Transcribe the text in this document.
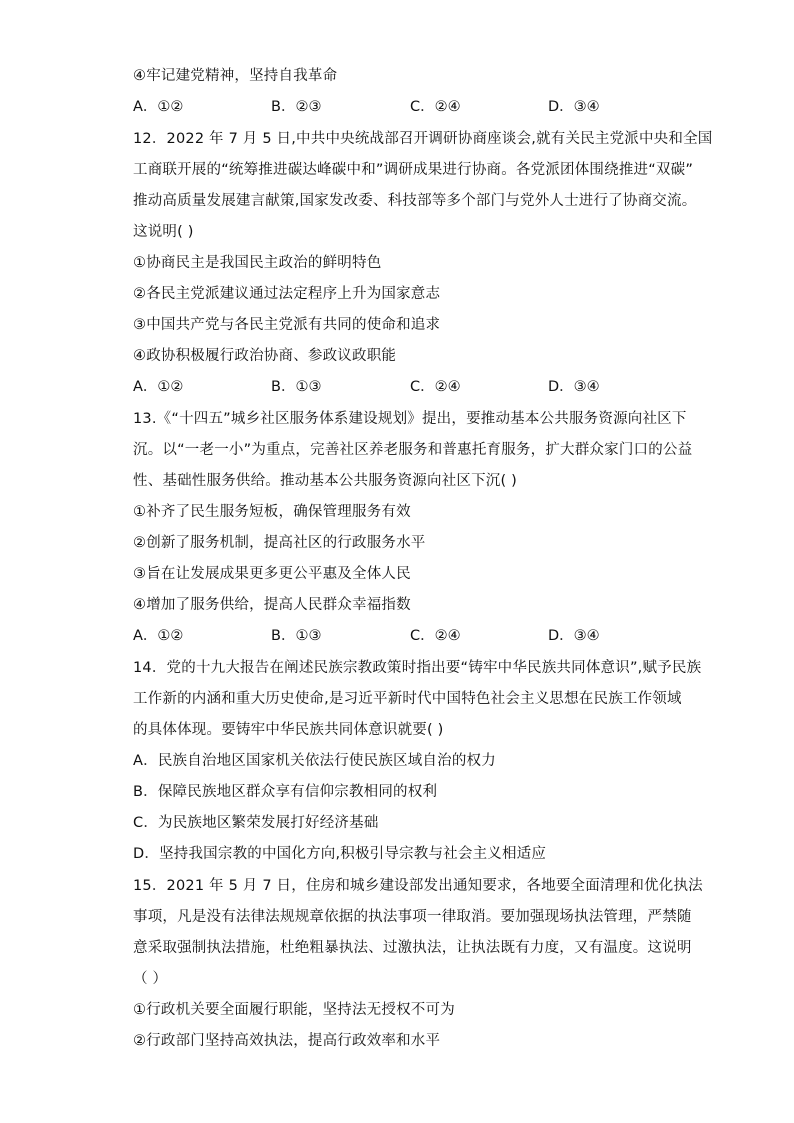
④牢记建党精神，坚持自我革命
A．①②	B．②③	C．②④	D．③④
12．2022 年 7 月 5 日,中共中央统战部召开调研协商座谈会,就有关民主党派中央和全国
工商联开展的“统筹推进碳达峰碳中和”调研成果进行协商。各党派团体围绕推进“双碳”
推动高质量发展建言献策,国家发改委、科技部等多个部门与党外人士进行了协商交流。
这说明( )
①协商民主是我国民主政治的鲜明特色
②各民主党派建议通过法定程序上升为国家意志
③中国共产党与各民主党派有共同的使命和追求
④政协积极履行政治协商、参政议政职能
A．①②	B．①③	C．②④	D．③④
13.《“十四五”城乡社区服务体系建设规划》提出，要推动基本公共服务资源向社区下
沉。以“一老一小”为重点，完善社区养老服务和普惠托育服务，扩大群众家门口的公益
性、基础性服务供给。推动基本公共服务资源向社区下沉( )
①补齐了民生服务短板，确保管理服务有效
②创新了服务机制，提高社区的行政服务水平
③旨在让发展成果更多更公平惠及全体人民
④增加了服务供给，提高人民群众幸福指数
A．①②	B．①③	C．②④	D．③④
14．党的十九大报告在阐述民族宗教政策时指出要“铸牢中华民族共同体意识”,赋予民族
工作新的内涵和重大历史使命,是习近平新时代中国特色社会主义思想在民族工作领域
的具体体现。要铸牢中华民族共同体意识就要( )
A．民族自治地区国家机关依法行使民族区域自治的权力
B．保障民族地区群众享有信仰宗教相同的权利
C．为民族地区繁荣发展打好经济基础
D．坚持我国宗教的中国化方向,积极引导宗教与社会主义相适应
15．2021 年 5 月 7 日，住房和城乡建设部发出通知要求，各地要全面清理和优化执法
事项，凡是没有法律法规规章依据的执法事项一律取消。要加强现场执法管理，严禁随
意采取强制执法措施，杜绝粗暴执法、过激执法，让执法既有力度，又有温度。这说明
（ ）
①行政机关要全面履行职能，坚持法无授权不可为
②行政部门坚持高效执法，提高行政效率和水平
